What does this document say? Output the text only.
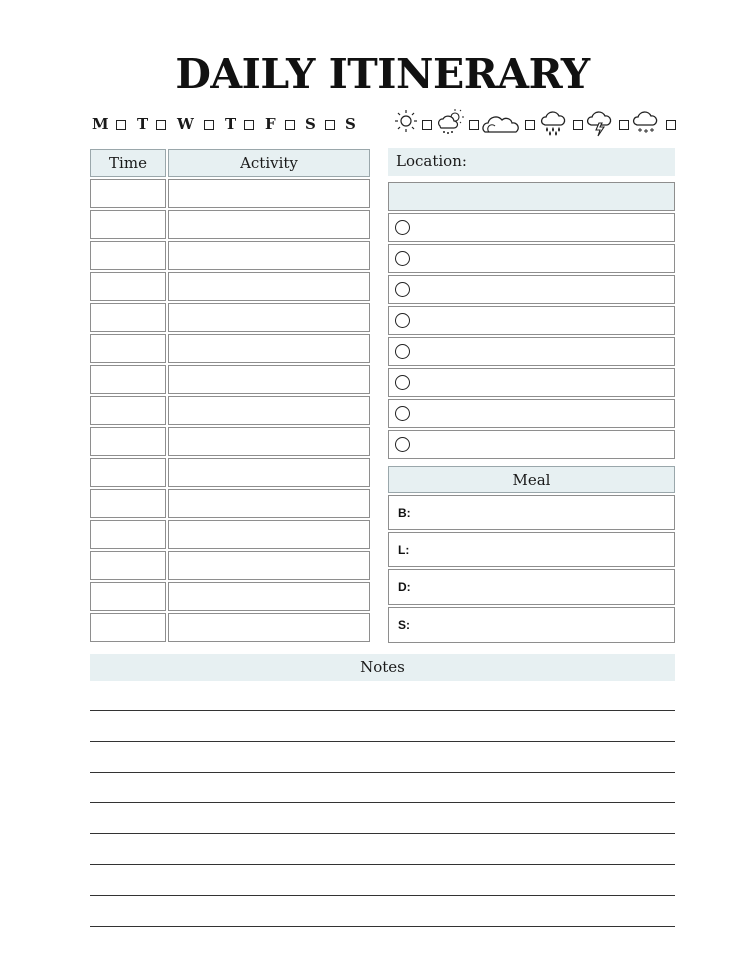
DAILY ITINERARY
M T W T F S S
Time	Activity	Location:
Meal
B:
L:
D:
S:
Notes
